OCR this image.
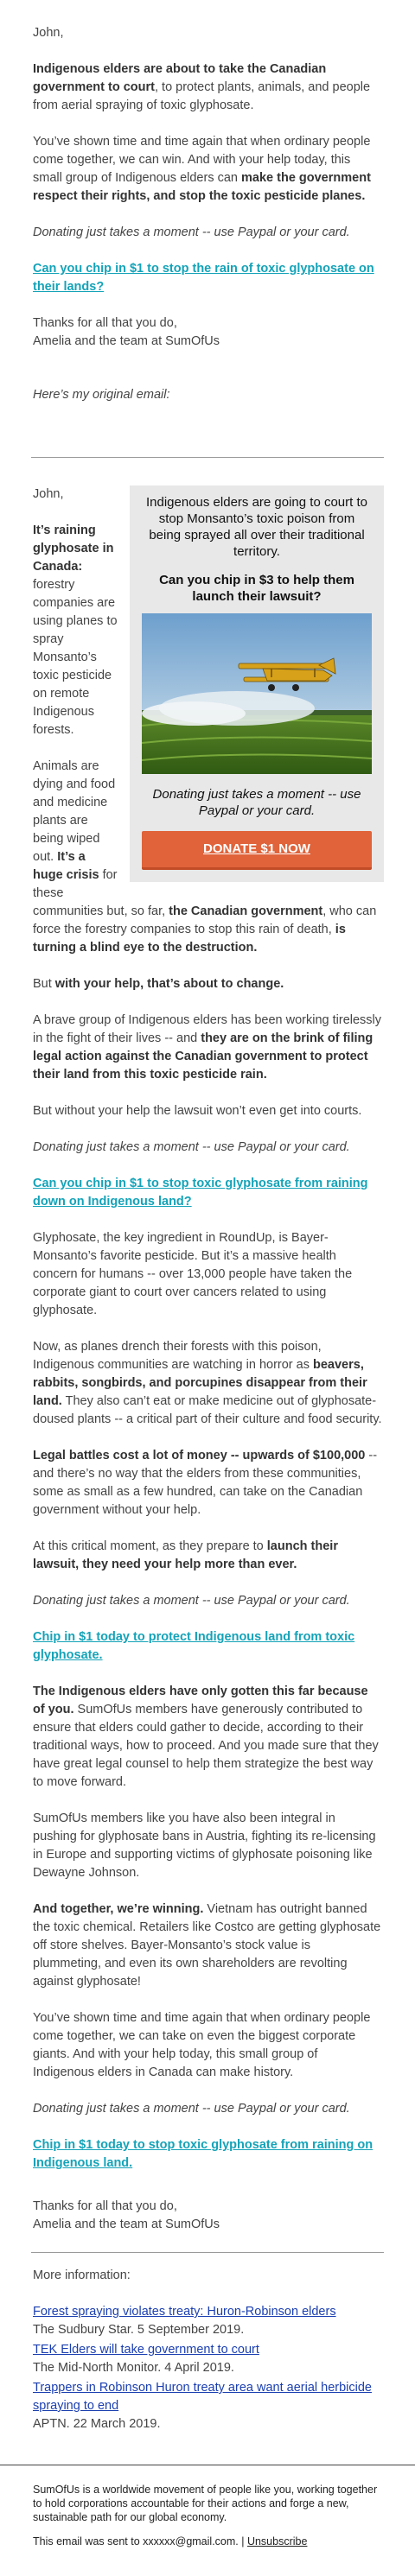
John,

Indigenous elders are about to take the Canadian government to court, to protect plants, animals, and people from aerial spraying of toxic glyphosate.

You’ve shown time and time again that when ordinary people come together, we can win. And with your help today, this small group of Indigenous elders can make the government respect their rights, and stop the toxic pesticide planes.

Donating just takes a moment -- use Paypal or your card.

Can you chip in $1 to stop the rain of toxic glyphosate on their lands?

Thanks for all that you do,
Amelia and the team at SumOfUs

Here’s my original email:

Indigenous elders are going to court to stop Monsanto’s toxic poison from being sprayed all over their traditional territory.
Can you chip in $3 to help them launch their lawsuit?
Donating just takes a moment -- use Paypal or your card.
DONATE $1 NOW

John,

It’s raining glyphosate in Canada: forestry companies are using planes to spray Monsanto’s toxic pesticide on remote Indigenous forests.

Animals are dying and food and medicine plants are being wiped out. It’s a huge crisis for these communities but, so far, the Canadian government, who can force the forestry companies to stop this rain of death, is turning a blind eye to the destruction.

But with your help, that’s about to change.

A brave group of Indigenous elders has been working tirelessly in the fight of their lives -- and they are on the brink of filing legal action against the Canadian government to protect their land from this toxic pesticide rain.

But without your help the lawsuit won’t even get into courts.

Donating just takes a moment -- use Paypal or your card.

Can you chip in $1 to stop toxic glyphosate from raining down on Indigenous land?

Glyphosate, the key ingredient in RoundUp, is Bayer-Monsanto’s favorite pesticide. But it’s a massive health concern for humans -- over 13,000 people have taken the corporate giant to court over cancers related to using glyphosate.

Now, as planes drench their forests with this poison, Indigenous communities are watching in horror as beavers, rabbits, songbirds, and porcupines disappear from their land. They also can’t eat or make medicine out of glyphosate-doused plants -- a critical part of their culture and food security.

Legal battles cost a lot of money -- upwards of $100,000 -- and there’s no way that the elders from these communities, some as small as a few hundred, can take on the Canadian government without your help.

At this critical moment, as they prepare to launch their lawsuit, they need your help more than ever.

Donating just takes a moment -- use Paypal or your card.

Chip in $1 today to protect Indigenous land from toxic glyphosate.

The Indigenous elders have only gotten this far because of you. SumOfUs members have generously contributed to ensure that elders could gather to decide, according to their traditional ways, how to proceed. And you made sure that they have great legal counsel to help them strategize the best way to move forward.

SumOfUs members like you have also been integral in pushing for glyphosate bans in Austria, fighting its re-licensing in Europe and supporting victims of glyphosate poisoning like Dewayne Johnson.

And together, we’re winning. Vietnam has outright banned the toxic chemical. Retailers like Costco are getting glyphosate off store shelves. Bayer-Monsanto’s stock value is plummeting, and even its own shareholders are revolting against glyphosate!

You’ve shown time and time again that when ordinary people come together, we can take on even the biggest corporate giants. And with your help today, this small group of Indigenous elders in Canada can make history.

Donating just takes a moment -- use Paypal or your card.

Chip in $1 today to stop toxic glyphosate from raining on Indigenous land.

Thanks for all that you do,
Amelia and the team at SumOfUs

More information:

Forest spraying violates treaty: Huron-Robinson elders
The Sudbury Star. 5 September 2019.
TEK Elders will take government to court
The Mid-North Monitor. 4 April 2019.
Trappers in Robinson Huron treaty area want aerial herbicide spraying to end
APTN. 22 March 2019.

SumOfUs is a worldwide movement of people like you, working together to hold corporations accountable for their actions and forge a new, sustainable path for our global economy.

This email was sent to xxxxxx@gmail.com. | Unsubscribe
